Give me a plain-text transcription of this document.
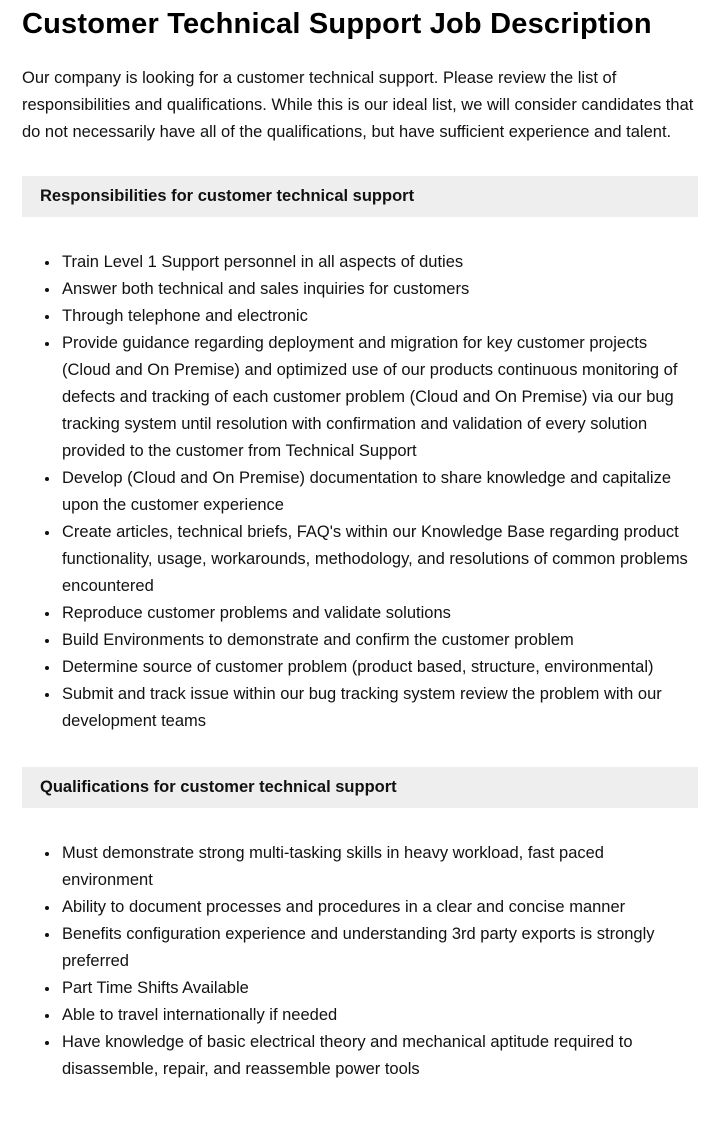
Customer Technical Support Job Description

Our company is looking for a customer technical support. Please review the list of responsibilities and qualifications. While this is our ideal list, we will consider candidates that do not necessarily have all of the qualifications, but have sufficient experience and talent.

Responsibilities for customer technical support
• Train Level 1 Support personnel in all aspects of duties
• Answer both technical and sales inquiries for customers
• Through telephone and electronic
• Provide guidance regarding deployment and migration for key customer projects (Cloud and On Premise) and optimized use of our products continuous monitoring of defects and tracking of each customer problem (Cloud and On Premise) via our bug tracking system until resolution with confirmation and validation of every solution provided to the customer from Technical Support
• Develop (Cloud and On Premise) documentation to share knowledge and capitalize upon the customer experience
• Create articles, technical briefs, FAQ's within our Knowledge Base regarding product functionality, usage, workarounds, methodology, and resolutions of common problems encountered
• Reproduce customer problems and validate solutions
• Build Environments to demonstrate and confirm the customer problem
• Determine source of customer problem (product based, structure, environmental)
• Submit and track issue within our bug tracking system review the problem with our development teams
Qualifications for customer technical support
• Must demonstrate strong multi-tasking skills in heavy workload, fast paced environment
• Ability to document processes and procedures in a clear and concise manner
• Benefits configuration experience and understanding 3rd party exports is strongly preferred
• Part Time Shifts Available
• Able to travel internationally if needed
• Have knowledge of basic electrical theory and mechanical aptitude required to disassemble, repair, and reassemble power tools
